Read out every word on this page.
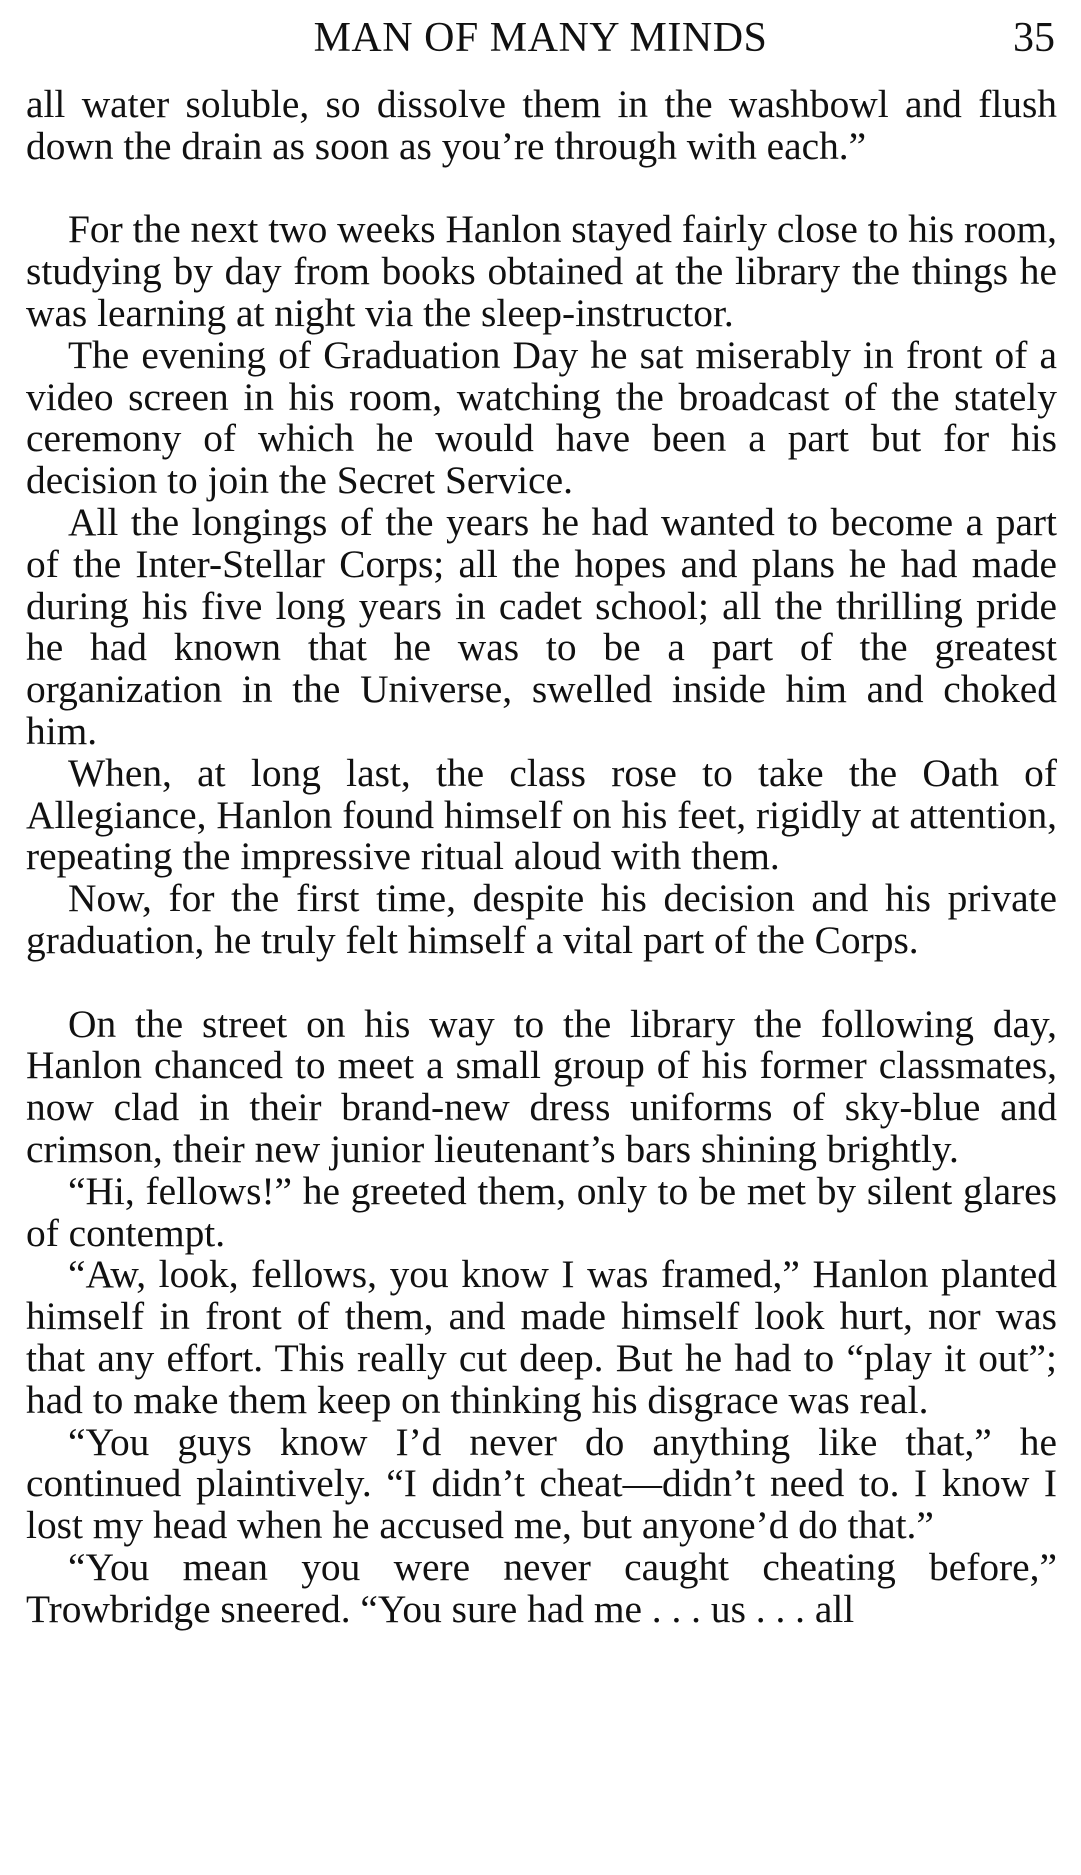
MAN OF MANY MINDS	35

all water soluble, so dissolve them in the washbowl and flush down the drain as soon as you’re through with each.”

For the next two weeks Hanlon stayed fairly close to his room, studying by day from books obtained at the library the things he was learning at night via the sleep-instructor.

The evening of Graduation Day he sat miserably in front of a video screen in his room, watching the broadcast of the stately ceremony of which he would have been a part but for his decision to join the Secret Service.

All the longings of the years he had wanted to become a part of the Inter-Stellar Corps; all the hopes and plans he had made during his five long years in cadet school; all the thrilling pride he had known that he was to be a part of the greatest organization in the Universe, swelled inside him and choked him.

When, at long last, the class rose to take the Oath of Allegiance, Hanlon found himself on his feet, rigidly at attention, repeating the impressive ritual aloud with them.

Now, for the first time, despite his decision and his private graduation, he truly felt himself a vital part of the Corps.

On the street on his way to the library the following day, Hanlon chanced to meet a small group of his former classmates, now clad in their brand-new dress uniforms of sky-blue and crimson, their new junior lieutenant’s bars shining brightly.

“Hi, fellows!” he greeted them, only to be met by silent glares of contempt.

“Aw, look, fellows, you know I was framed,” Hanlon planted himself in front of them, and made himself look hurt, nor was that any effort. This really cut deep. But he had to “play it out”; had to make them keep on thinking his disgrace was real.

“You guys know I’d never do anything like that,” he continued plaintively. “I didn’t cheat—didn’t need to. I know I lost my head when he accused me, but anyone’d do that.”

“You mean you were never caught cheating before,” Trowbridge sneered. “You sure had me . . . us . . . all
